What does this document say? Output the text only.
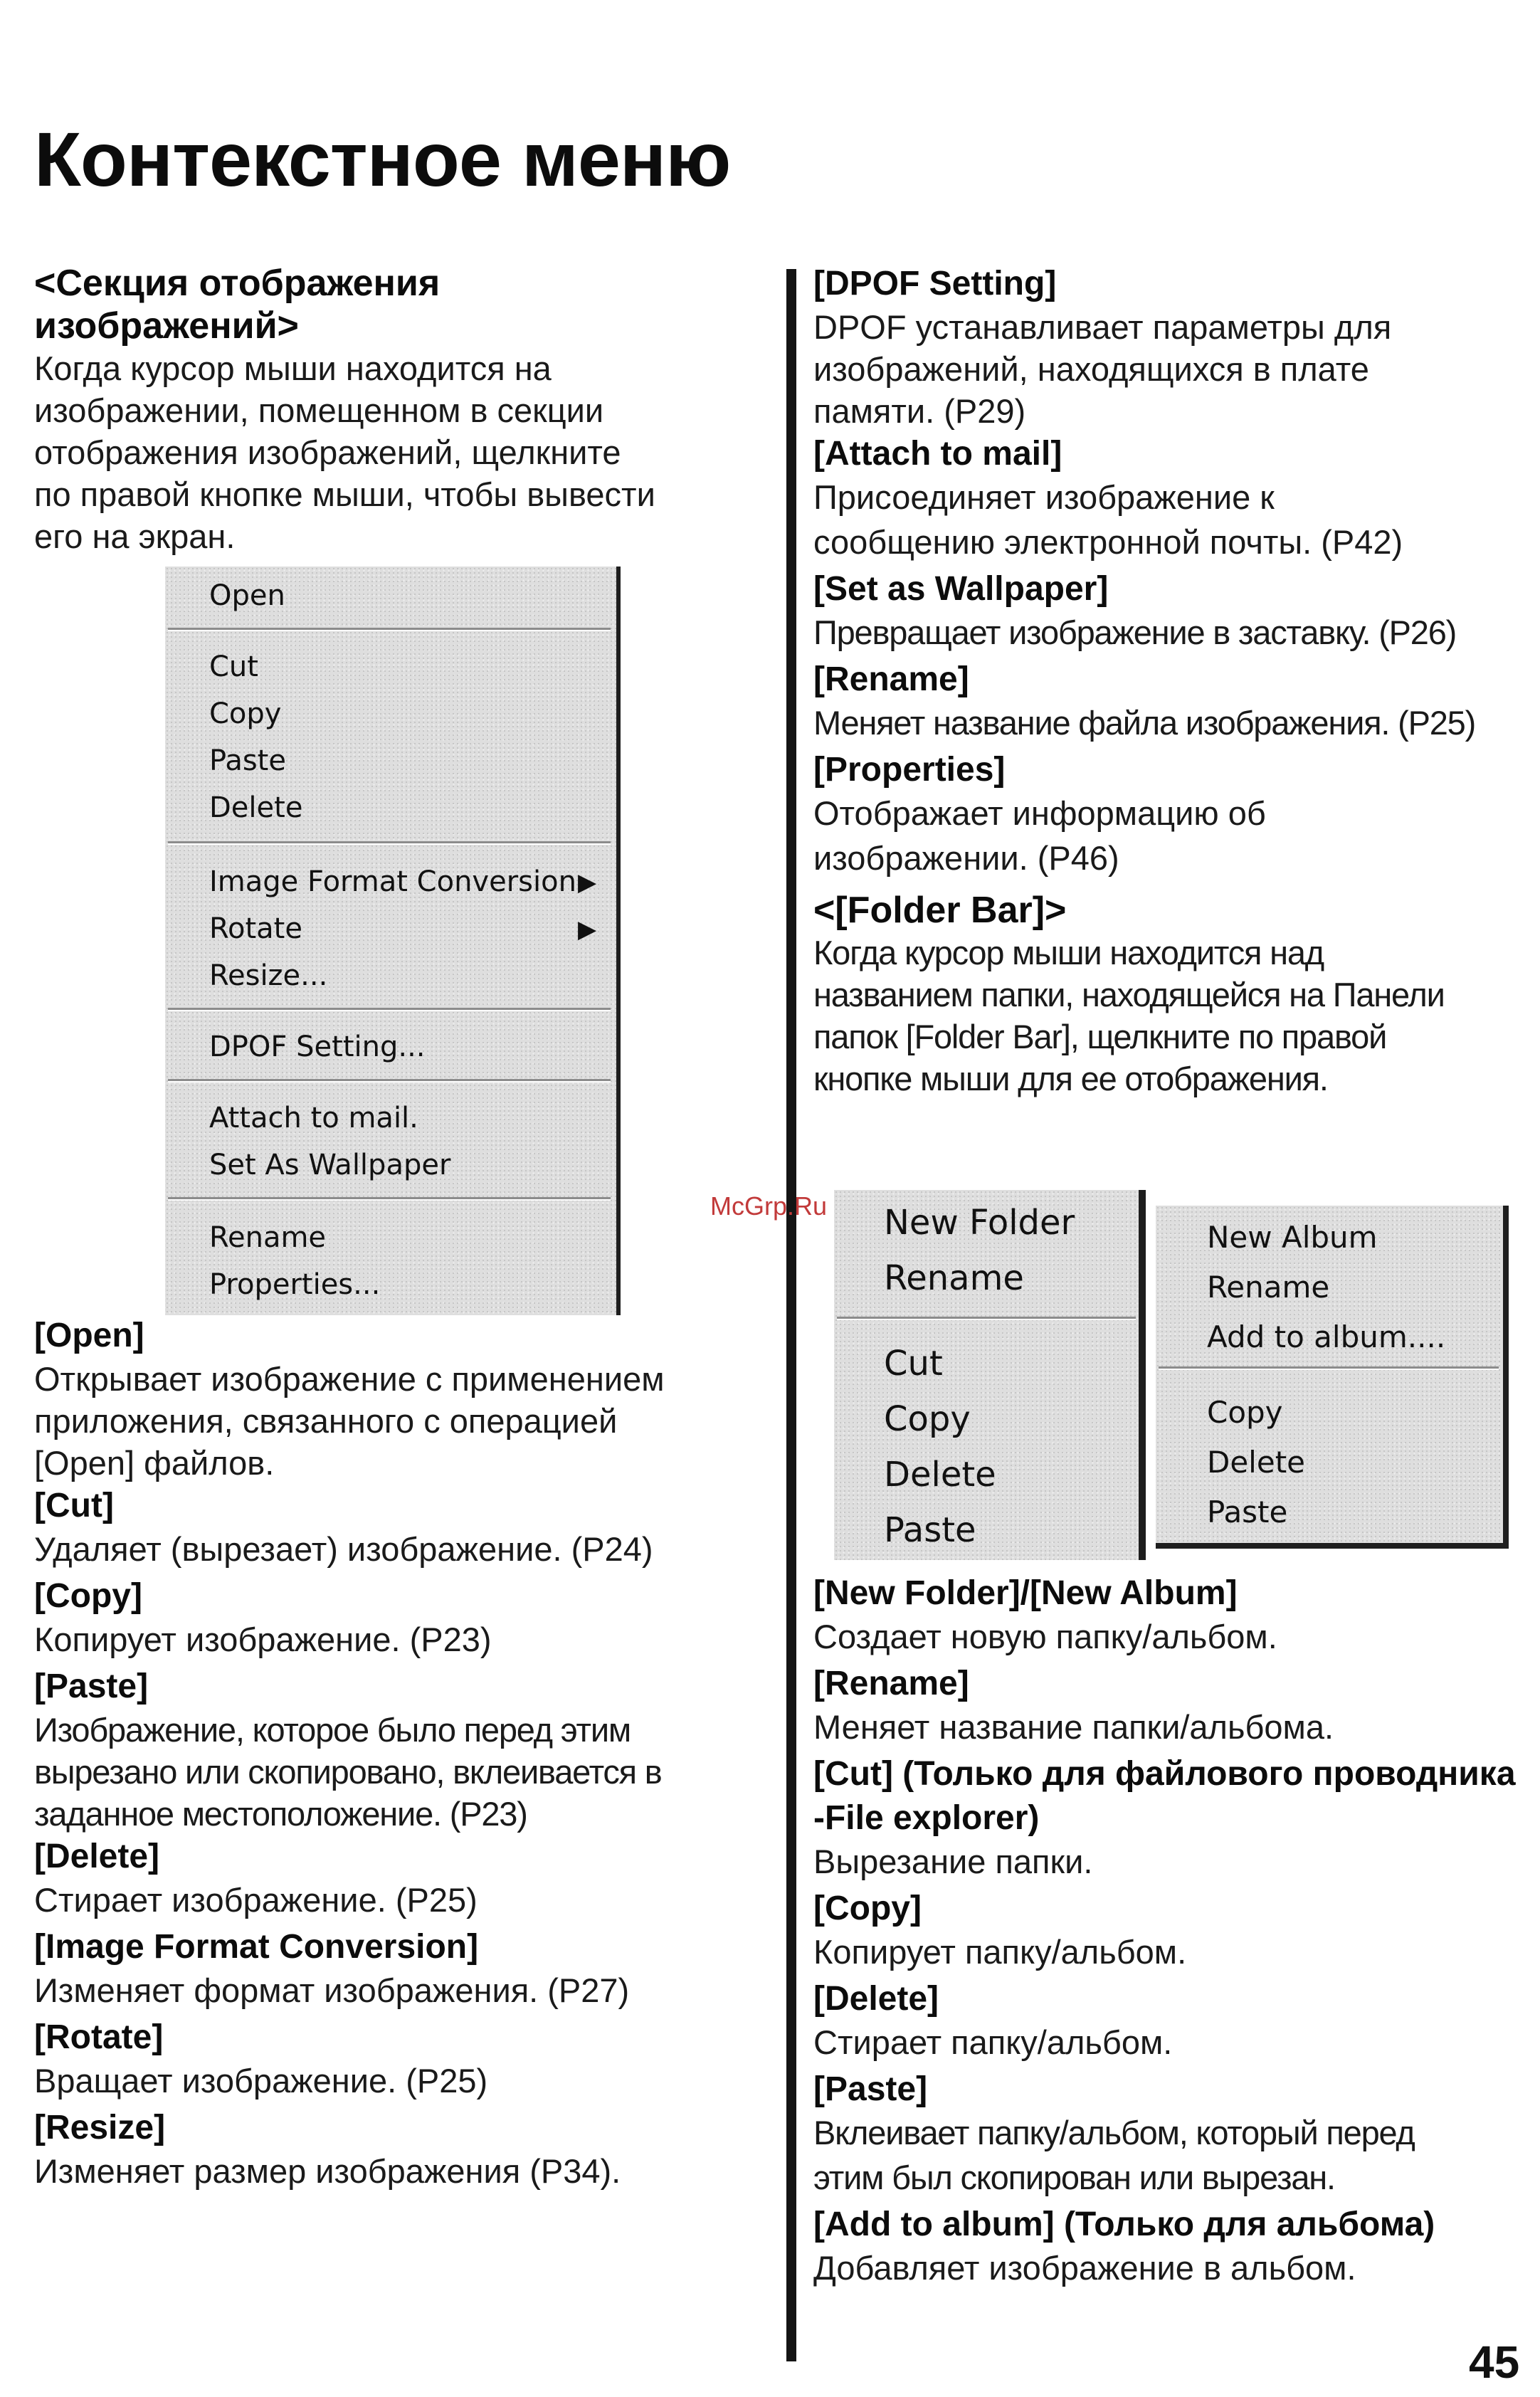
Контекстное меню

<Секция отображения

изображений>

Когда курсор мыши находится на

изображении, помещенном в секции

отображения изображений, щелкните

по правой кнопке мыши, чтобы вывести

его на экран.

[Open]

Открывает изображение с применением

приложения, связанного с операцией

[Open] файлов.

[Cut]

Удаляет (вырезает) изображение. (P24)

[Copy]

Копирует изображение. (P23)

[Paste]

Изображение, которое было перед этим

вырезано или скопировано, вклеивается в

заданное местоположение. (P23)

[Delete]

Стирает изображение. (P25)

[Image Format Conversion]

Изменяет формат изображения. (P27)

[Rotate]

Вращает изображение. (P25)

[Resize]

Изменяет размер изображения (P34).

Open
Cut
Copy
Paste
Delete
Image Format Conversion ▶
Rotate	▶
Resize...
DPOF Setting...
Attach to mail.
Set As Wallpaper
Rename
Properties...

[DPOF Setting]

DPOF устанавливает параметры для

изображений, находящихся в плате

памяти. (P29)

[Attach to mail]

Присоединяет изображение к

сообщению электронной почты. (P42)

[Set as Wallpaper]

Превращает изображение в заставку. (P26)

[Rename]

Меняет название файла изображения. (P25)

[Properties]

Отображает информацию об

изображении. (P46)

<[Folder Bar]>

Когда курсор мыши находится над

названием папки, находящейся на Панели

папок [Folder Bar], щелкните по правой

кнопке мыши для ее отображения.

McGrp.Ru New Folder
Rename
Cut
Copy
Delete
Paste
New Album
Rename
Add to album....
Copy
Delete
Paste

[New Folder]/[New Album]

Создает новую папку/альбом.

[Rename]

Меняет название папки/альбома.

[Cut] (Только для файлового проводника -File explorer)

Вырезание папки.

[Copy]

Копирует папку/альбом.

[Delete]

Стирает папку/альбом.

[Paste]

Вклеивает папку/альбом, который перед

этим был скопирован или вырезан.

[Add to album] (Только для альбома)

Добавляет изображение в альбом.

45
